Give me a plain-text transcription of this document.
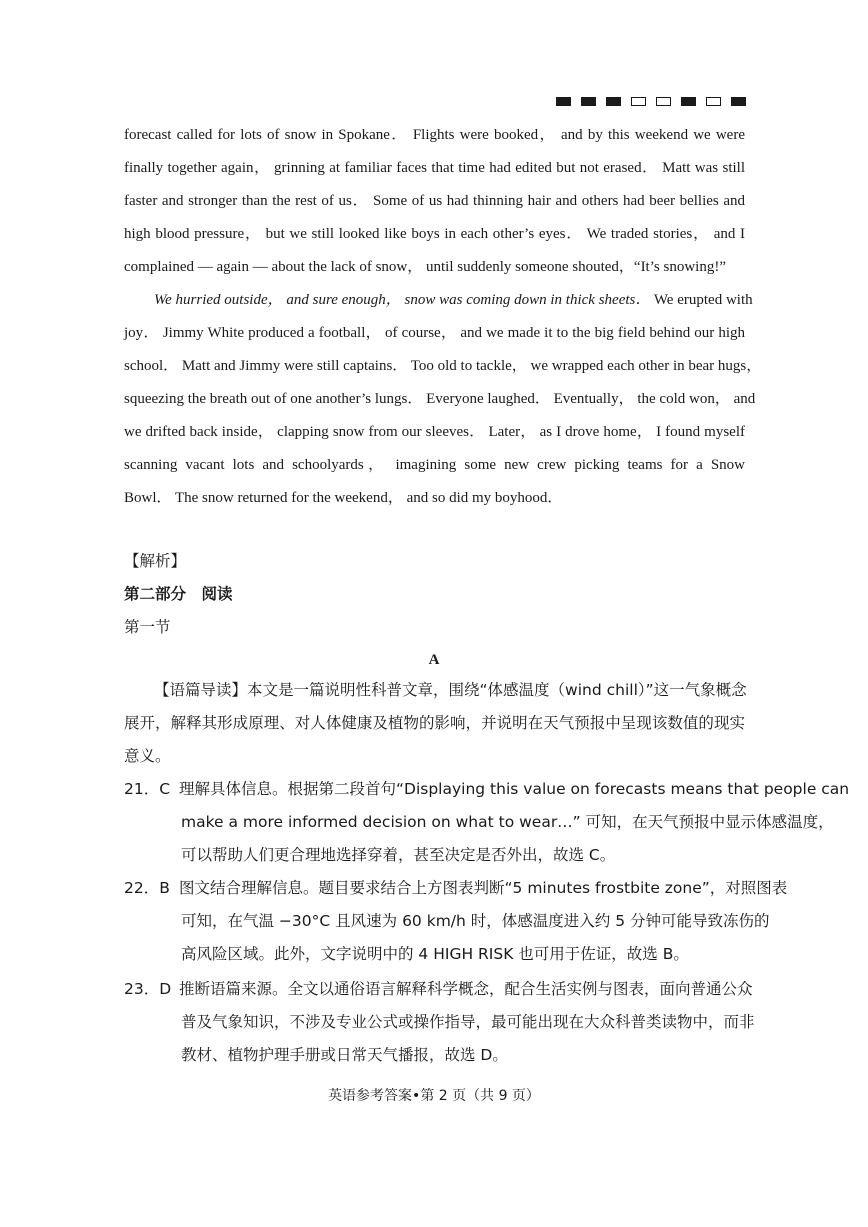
forecast called for lots of snow in Spokane． Flights were booked， and by this weekend we were
finally together again， grinning at familiar faces that time had edited but not erased． Matt was still
faster and stronger than the rest of us． Some of us had thinning hair and others had beer bellies and
high blood pressure， but we still looked like boys in each other’s eyes． We traded stories， and I
complained — again — about the lack of snow， until suddenly someone shouted，“It’s snowing!”
We hurried outside， and sure enough， snow was coming down in thick sheets． We erupted with
joy． Jimmy White produced a football， of course， and we made it to the big field behind our high
school． Matt and Jimmy were still captains． Too old to tackle， we wrapped each other in bear hugs，
squeezing the breath out of one another’s lungs． Everyone laughed． Eventually， the cold won， and
we drifted back inside， clapping snow from our sleeves． Later， as I drove home， I found myself
scanning vacant lots and schoolyards， imagining some new crew picking teams for a Snow
Bowl． The snow returned for the weekend， and so did my boyhood．
【解析】
第二部分　阅读
第一节
A
【语篇导读】本文是一篇说明性科普文章，围绕“体感温度（wind chill）”这一气象概念
展开，解释其形成原理、对人体健康及植物的影响，并说明在天气预报中呈现该数值的现实
意义。
21．C 理解具体信息。根据第二段首句“Displaying this value on forecasts means that people can
make a more informed decision on what to wear…” 可知，在天气预报中显示体感温度，
可以帮助人们更合理地选择穿着，甚至决定是否外出，故选 C。
22．B 图文结合理解信息。题目要求结合上方图表判断“5 minutes frostbite zone”，对照图表
可知，在气温 −30°C 且风速为 60 km/h 时，体感温度进入约 5 分钟可能导致冻伤的
高风险区域。此外，文字说明中的 4 HIGH RISK 也可用于佐证，故选 B。
23．D 推断语篇来源。全文以通俗语言解释科学概念，配合生活实例与图表，面向普通公众
普及气象知识，不涉及专业公式或操作指导，最可能出现在大众科普类读物中，而非
教材、植物护理手册或日常天气播报，故选 D。
英语参考答案•第 2 页（共 9 页）
